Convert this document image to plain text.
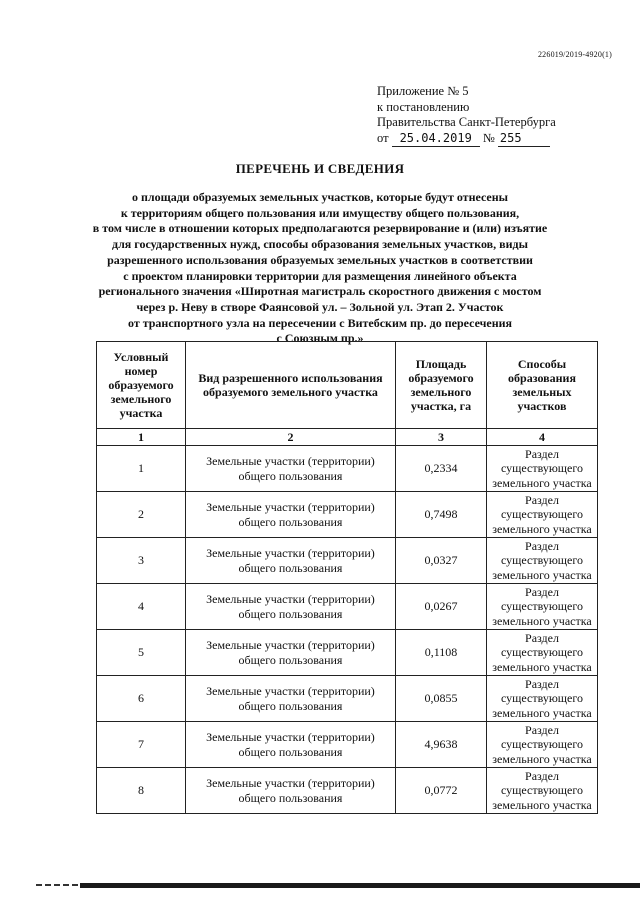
226019/2019-4920(1)
Приложение № 5
к постановлению
Правительства Санкт-Петербурга
от 25.04.2019 № 255
ПЕРЕЧЕНЬ И СВЕДЕНИЯ
о площади образуемых земельных участков, которые будут отнесены
к территориям общего пользования или имуществу общего пользования,
в том числе в отношении которых предполагаются резервирование и (или) изъятие
для государственных нужд, способы образования земельных участков, виды
разрешенного использования образуемых земельных участков в соответствии
с проектом планировки территории для размещения линейного объекта
регионального значения «Широтная магистраль скоростного движения с мостом
через р. Неву в створе Фаянсовой ул. – Зольной ул. Этап 2. Участок
от транспортного узла на пересечении с Витебским пр. до пересечения
с Союзным пр.»
Условный номер образуемого земельного участка	Вид разрешенного использования образуемого земельного участка	Площадь образуемого земельного участка, га	Способы образования земельных участков
1	2	3	4
1	Земельные участки (территории) общего пользования	0,2334	Раздел существующего земельного участка
2	Земельные участки (территории) общего пользования	0,7498	Раздел существующего земельного участка
3	Земельные участки (территории) общего пользования	0,0327	Раздел существующего земельного участка
4	Земельные участки (территории) общего пользования	0,0267	Раздел существующего земельного участка
5	Земельные участки (территории) общего пользования	0,1108	Раздел существующего земельного участка
6	Земельные участки (территории) общего пользования	0,0855	Раздел существующего земельного участка
7	Земельные участки (территории) общего пользования	4,9638	Раздел существующего земельного участка
8	Земельные участки (территории) общего пользования	0,0772	Раздел существующего земельного участка
